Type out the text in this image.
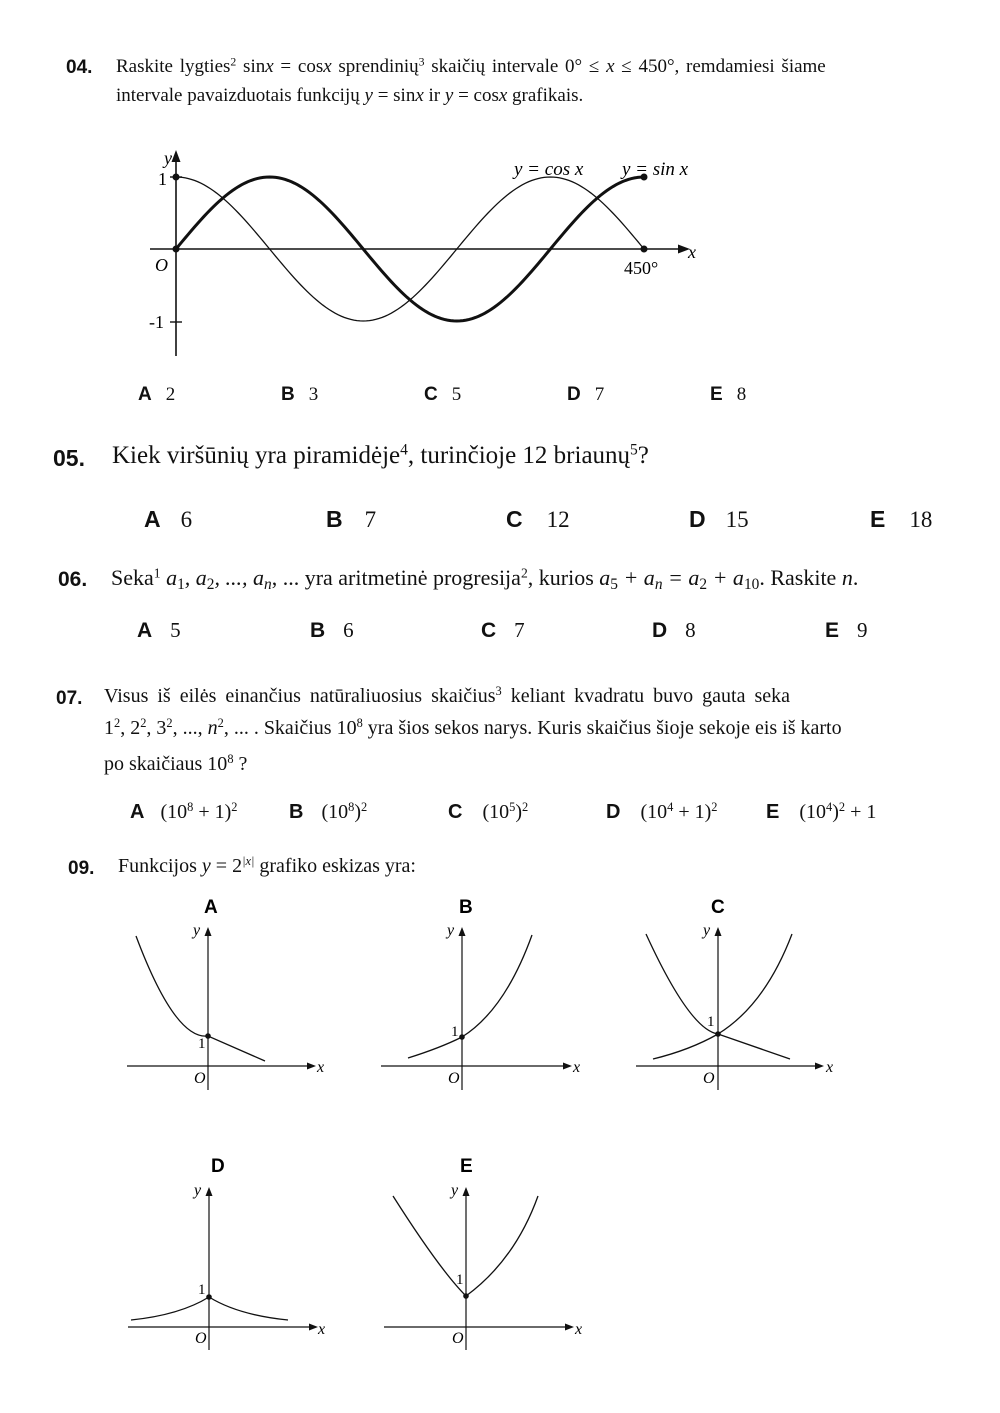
04. Raskite lygties$^2$ sinx = cosx sprendinių$^3$ skaičių intervale 0° ≤ x ≤ 450°, remdamiesi šiame
intervale pavaizduotais funkcijų y = sinx ir y = cosx grafikais.
y
x
O
1
-1
450°
y = cos x y = sin x
A 2	B 3	C 5	D 7	E 8
05. Kiek viršūnių yra piramidėje$^4$, turinčioje 12 briaunų$^5$?
A 6	B 7	C 12	D 15	E 18
06. Seka$^1$ $a_1$, $a_2$, ..., $a_n$, ... yra aritmetinė progresija$^2$, kurios $a_5 + a_n = a_2 + a_{10}$. Raskite n.
A 5	B 6	C 7	D 8	E 9
07. Visus iš eilės einančius natūraliuosius skaičius$^3$ keliant kvadratu buvo gauta seka
$1^2$, $2^2$, $3^2$, ..., $n^2$, ... . Skaičius $10^8$ yra šios sekos narys. Kuris skaičius šioje sekoje eis iš karto
po skaičiaus $10^8$ ?
A $(10^8 + 1)^2$	B $(10^8)^2$	C $(10^5)^2$	D $(10^4 + 1)^2$ E $(10^4)^2 + 1$
09. Funkcijos $y = 2^{|x|}$ grafiko eskizas yra:
A
y
x
O
1
B
y
x
O
1
C
y
x
O
1
D
y
x
O
1
E
y
x
O
1
